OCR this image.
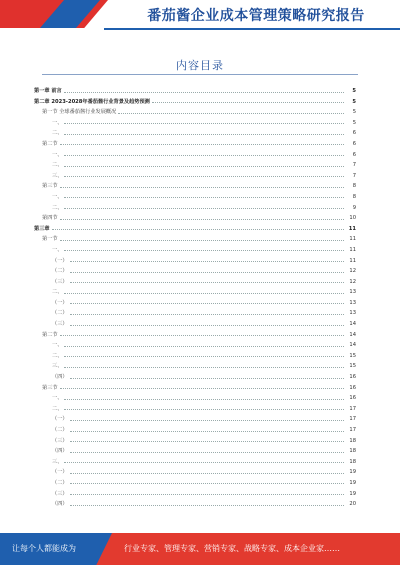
番茄酱企业成本管理策略研究报告
内容目录
第一章 前言	5
第二章 2023-2028年番茄酱行业背景及趋势预测	5
第一节 全球番茄酱行业发展概况	5
一、	5
二、	6
第二节	6
一、	6
二、	7
三、	7
第三节	8
一、	8
二、	9
第四节	10
第三章	11
第一节	11
一、	11
（一）	11
（二）	12
（三）	12
二、	13
（一）	13
（二）	13
（三）	14
第二节	14
一、	14
二、	15
三、	15
（四）	16
第三节	16
一、	16
二、	17
（一）	17
（二）	17
（三）	18
（四）	18
三、	18
（一）	19
（二）	19
（三）	19
（四）	20
让每个人都能成为	行业专家、管理专家、营销专家、战略专家、成本企业家……
